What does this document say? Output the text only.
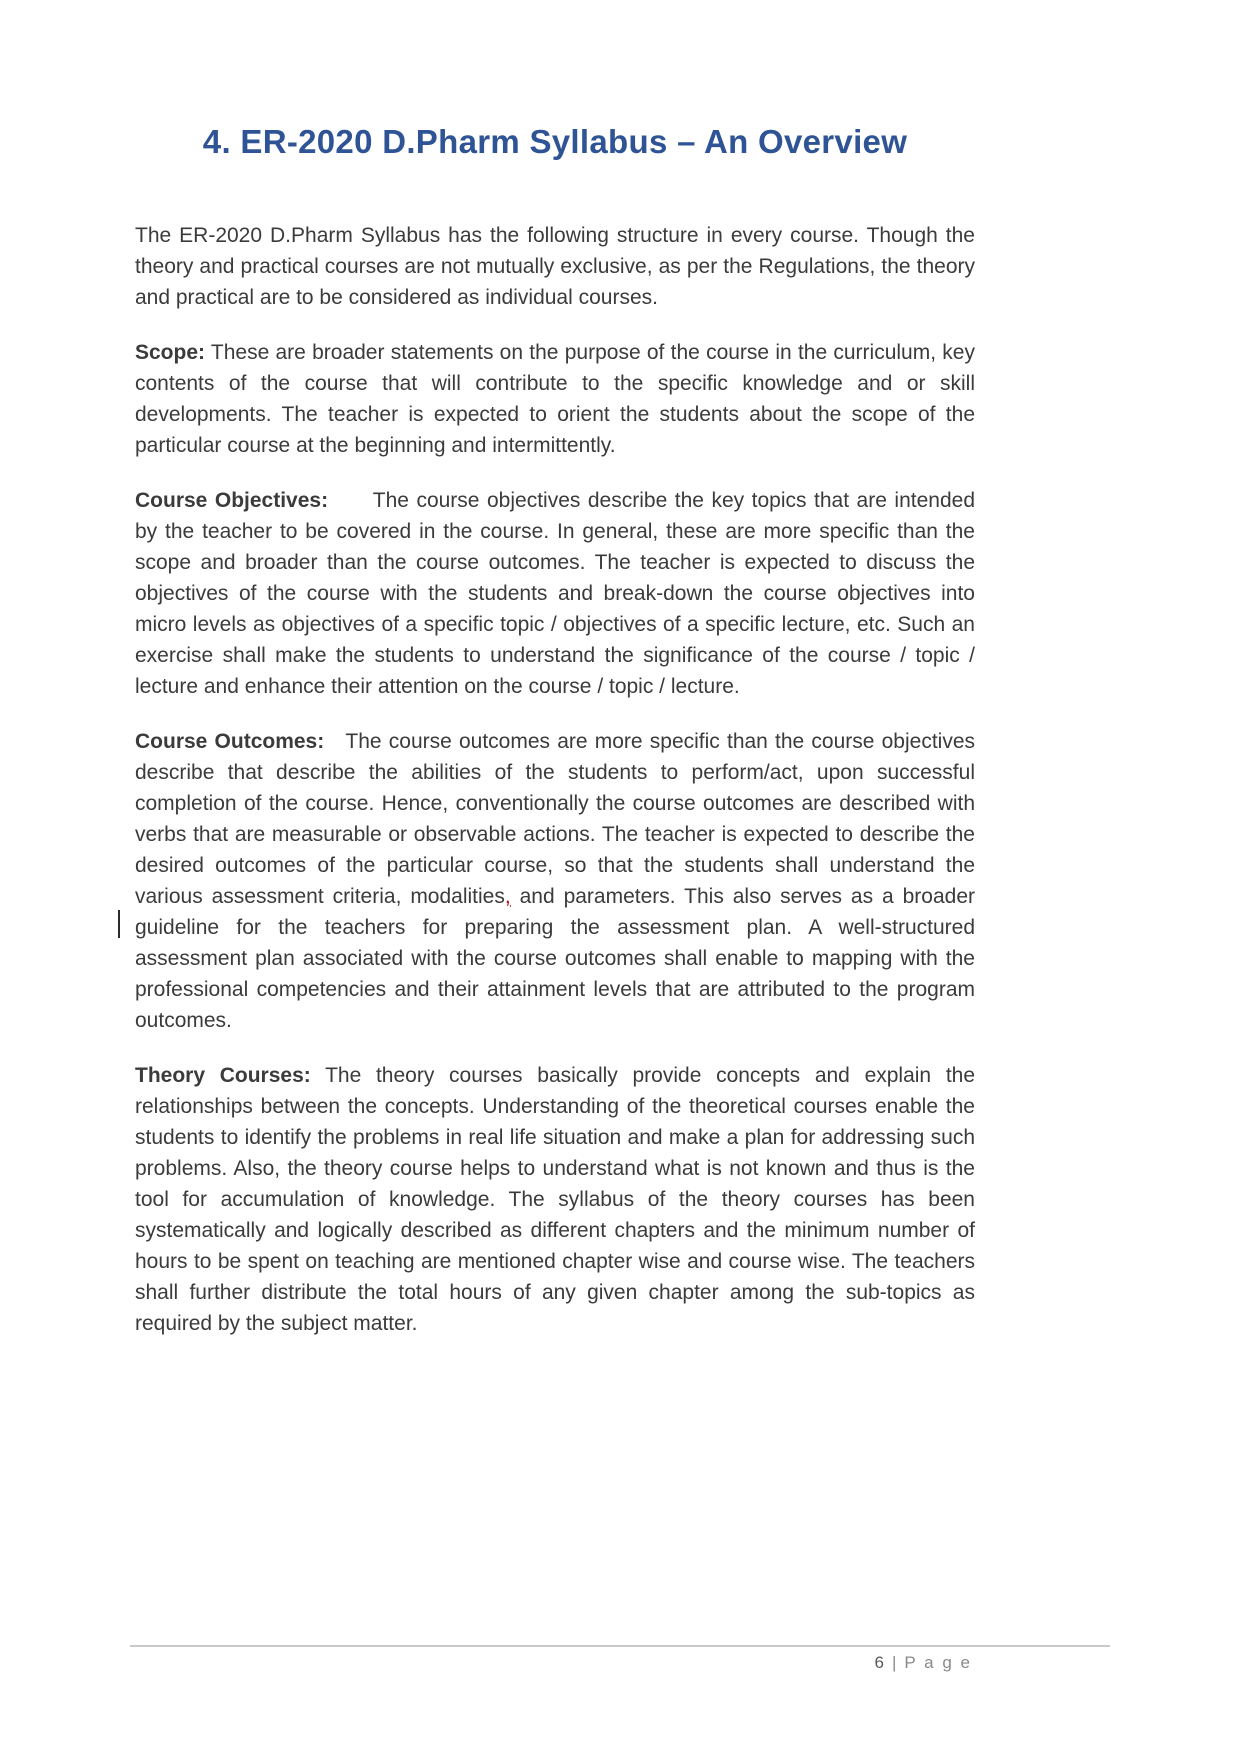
4. ER-2020 D.Pharm Syllabus – An Overview

The ER-2020 D.Pharm Syllabus has the following structure in every course. Though the theory and practical courses are not mutually exclusive, as per the Regulations, the theory and practical are to be considered as individual courses.

Scope: These are broader statements on the purpose of the course in the curriculum, key contents of the course that will contribute to the specific knowledge and or skill developments. The teacher is expected to orient the students about the scope of the particular course at the beginning and intermittently.

Course Objectives:      The course objectives describe the key topics that are intended by the teacher to be covered in the course. In general, these are more specific than the scope and broader than the course outcomes. The teacher is expected to discuss the objectives of the course with the students and break-down the course objectives into micro levels as objectives of a specific topic / objectives of a specific lecture, etc. Such an exercise shall make the students to understand the significance of the course / topic / lecture and enhance their attention on the course / topic / lecture.

Course Outcomes:   The course outcomes are more specific than the course objectives describe that describe the abilities of the students to perform/act, upon successful completion of the course. Hence, conventionally the course outcomes are described with verbs that are measurable or observable actions. The teacher is expected to describe the desired outcomes of the particular course, so that the students shall understand the various assessment criteria, modalities, and parameters. This also serves as a broader guideline for the teachers for preparing the assessment plan. A well-structured assessment plan associated with the course outcomes shall enable to mapping with the professional competencies and their attainment levels that are attributed to the program outcomes.

Theory Courses: The theory courses basically provide concepts and explain the relationships between the concepts. Understanding of the theoretical courses enable the students to identify the problems in real life situation and make a plan for addressing such problems. Also, the theory course helps to understand what is not known and thus is the tool for accumulation of knowledge. The syllabus of the theory courses has been systematically and logically described as different chapters and the minimum number of hours to be spent on teaching are mentioned chapter wise and course wise. The teachers shall further distribute the total hours of any given chapter among the sub-topics as required by the subject matter.

6 | P a g e
